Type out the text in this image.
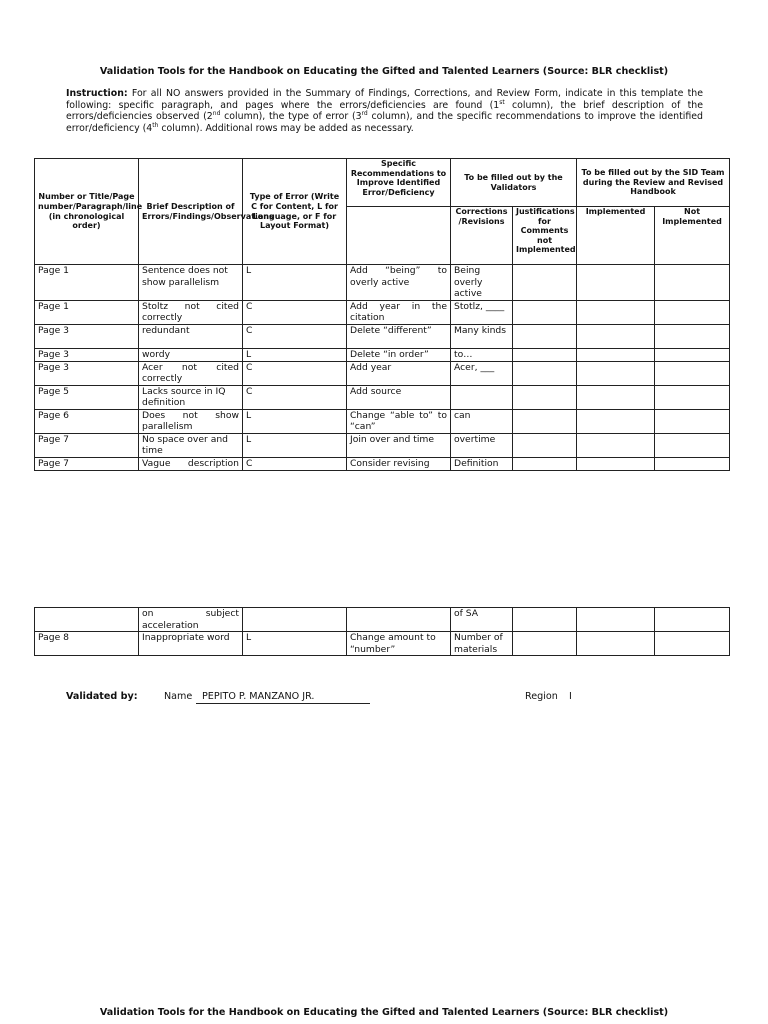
Validation Tools for the Handbook on Educating the Gifted and Talented Learners (Source: BLR checklist)

Instruction: For all NO answers provided in the Summary of Findings, Corrections, and Review Form, indicate in this template the following: specific paragraph, and pages where the errors/deficiencies are found (1st column), the brief description of the errors/deficiencies observed (2nd column), the type of error (3rd column), and the specific recommendations to improve the identified error/deficiency (4th column). Additional rows may be added as necessary.

Number or Title/Page number/Paragraph/line (in chronological order)	Brief Description of Errors/Findings/Observations	Type of Error (Write C for Content, L for Language, or F for Layout Format)	Specific Recommendations to Improve Identified Error/Deficiency	To be filled out by the Validators		To be filled out by the SID Team during the Review and Revised Handbook	
				Corrections /Revisions	Justifications for Comments not Implemented	Implemented	Not Implemented
Page 1	Sentence does not show parallelism	L	Add “being” to overly active	Being overly active			
Page 1	Stoltz not cited correctly	C	Add year in the citation	Stotlz, ____			
Page 3	redundant	C	Delete “different”	Many kinds			
Page 3	wordy	L	Delete “in order”	to…			
Page 3	Acer not cited correctly	C	Add year	Acer, ___			
Page 5	Lacks source in IQ definition	C	Add source				
Page 6	Does not show parallelism	L	Change “able to” to “can”	can			
Page 7	No space over and time	L	Join over and time	overtime			
Page 7	Vague description	C	Consider revising	Definition			
	on subject acceleration			of SA			
Page 8	Inappropriate word	L	Change amount to “number”	Number of materials			
Validated by:	Name	PEPITO P. MANZANO JR.	Region I
Validation Tools for the Handbook on Educating the Gifted and Talented Learners (Source: BLR checklist)
